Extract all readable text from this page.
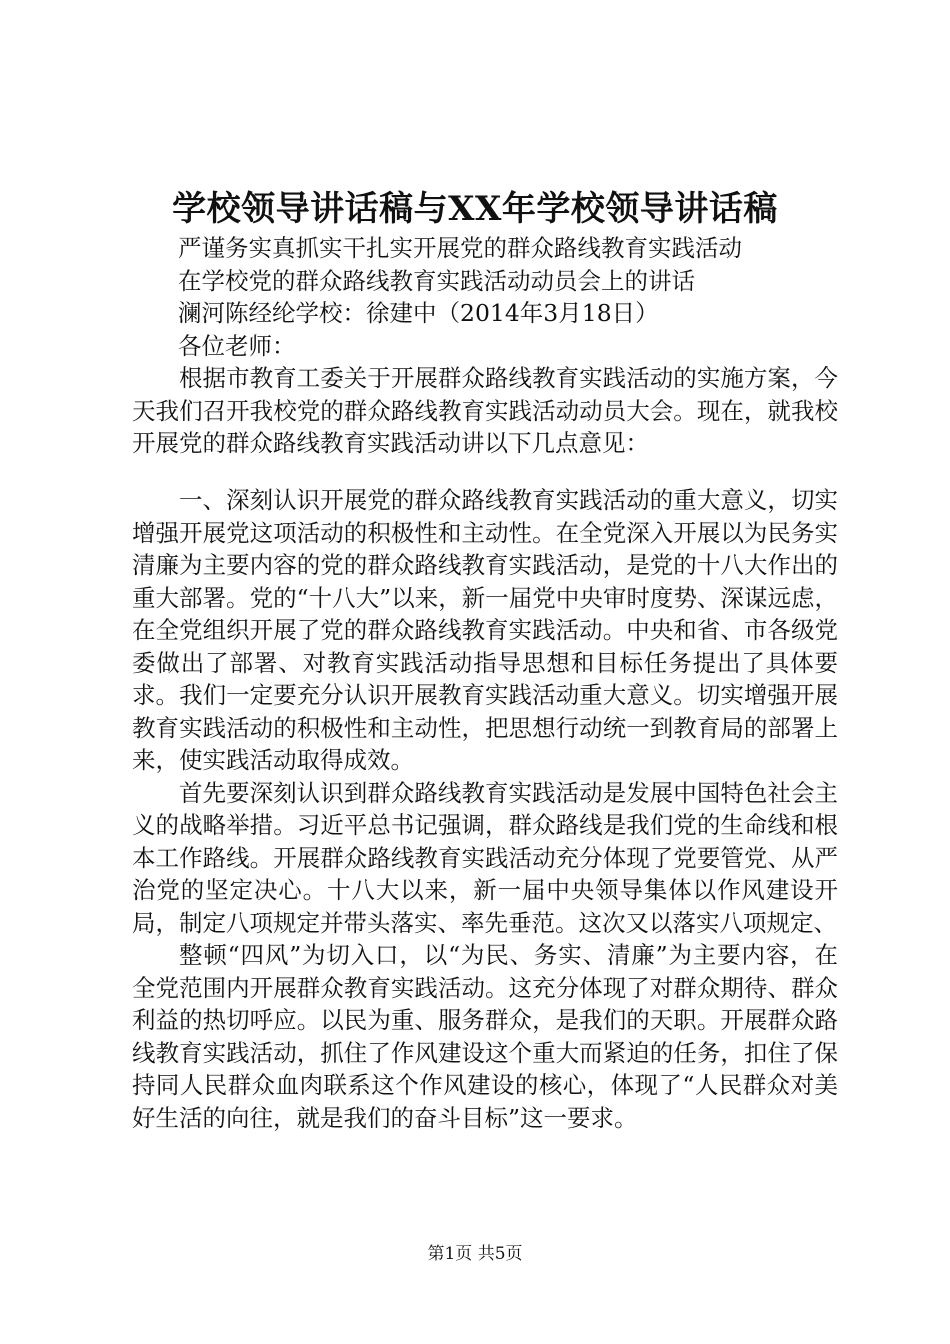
学校领导讲话稿与XX年学校领导讲话稿
严谨务实真抓实干扎实开展党的群众路线教育实践活动
在学校党的群众路线教育实践活动动员会上的讲话
澜河陈经纶学校：徐建中（2014年3月18日）
各位老师：

根据市教育工委关于开展群众路线教育实践活动的实施方案，今天我们召开我校党的群众路线教育实践活动动员大会。现在，就我校开展党的群众路线教育实践活动讲以下几点意见：

一、深刻认识开展党的群众路线教育实践活动的重大意义，切实增强开展党这项活动的积极性和主动性。在全党深入开展以为民务实清廉为主要内容的党的群众路线教育实践活动，是党的十八大作出的重大部署。党的“十八大”以来，新一届党中央审时度势、深谋远虑，在全党组织开展了党的群众路线教育实践活动。中央和省、市各级党委做出了部署、对教育实践活动指导思想和目标任务提出了具体要求。我们一定要充分认识开展教育实践活动重大意义。切实增强开展教育实践活动的积极性和主动性，把思想行动统一到教育局的部署上来，使实践活动取得成效。

首先要深刻认识到群众路线教育实践活动是发展中国特色社会主义的战略举措。习近平总书记强调，群众路线是我们党的生命线和根本工作路线。开展群众路线教育实践活动充分体现了党要管党、从严治党的坚定决心。十八大以来，新一届中央领导集体以作风建设开局，制定八项规定并带头落实、率先垂范。这次又以落实八项规定、

整顿“四风”为切入口，以“为民、务实、清廉”为主要内容，在全党范围内开展群众教育实践活动。这充分体现了对群众期待、群众利益的热切呼应。以民为重、服务群众，是我们的天职。开展群众路线教育实践活动，抓住了作风建设这个重大而紧迫的任务，扣住了保持同人民群众血肉联系这个作风建设的核心，体现了“人民群众对美好生活的向往，就是我们的奋斗目标”这一要求。

第1页 共5页
